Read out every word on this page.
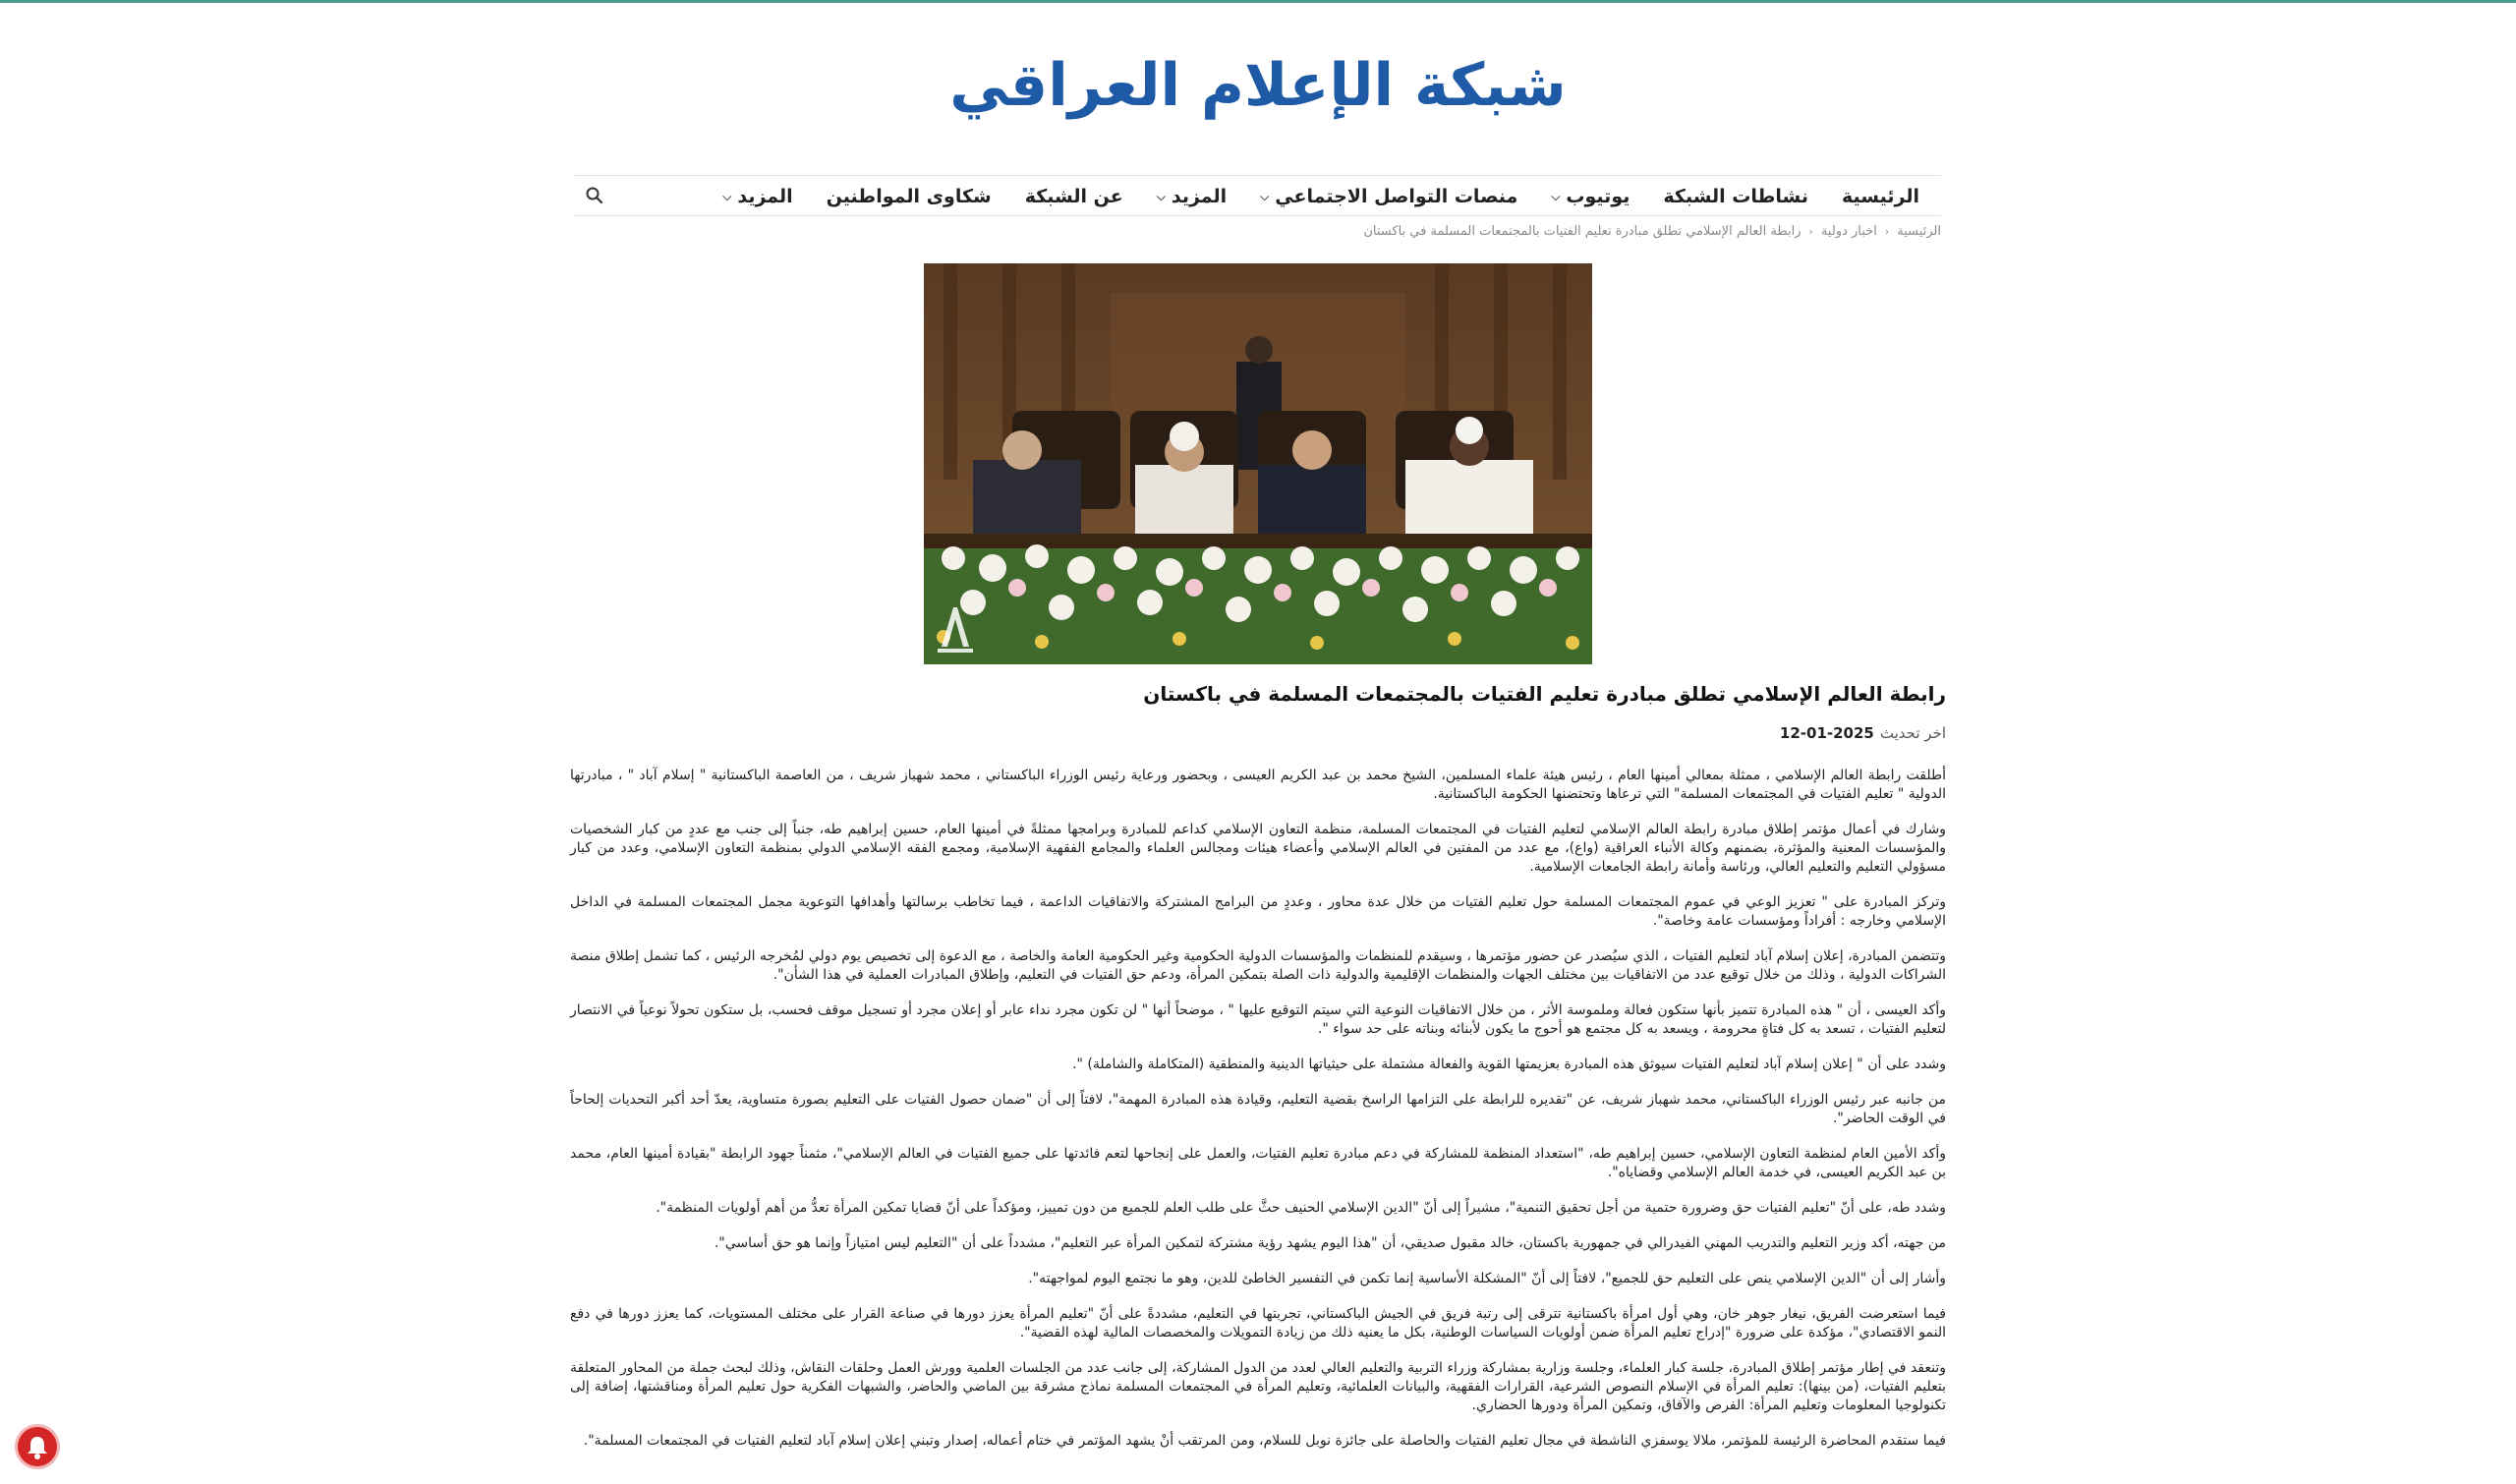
شبكة الإعلام العراقي
الرئيسية
نشاطات الشبكة
يوتيوب
⌵
منصات التواصل الاجتماعي
⌵
المزيد
⌵
عن الشبكة
شكاوى المواطنين
المزيد
⌵
الرئيسية
‹
اخبار دولية
‹
رابطة العالم الإسلامي تطلق مبادرة تعليم الفتيات بالمجتمعات المسلمة في باكستان
رابطة العالم الإسلامي تطلق مبادرة تعليم الفتيات بالمجتمعات المسلمة في باكستان
اخر تحديث2025-01-12

أطلقت رابطة العالم الإسلامي ، ممثلة بمعالي أمينها العام ، رئيس هيئة علماء المسلمين، الشيخ محمد بن عبد الكريم العيسى ، وبحضور ورعاية رئيس الوزراء الباكستاني ، محمد شهباز شريف ، من العاصمة الباكستانية " إسلام آباد " ، مبادرتها الدولية " تعليم الفتيات في المجتمعات المسلمة" التي ترعاها وتحتضنها الحكومة الباكستانية.

وشارك في أعمال مؤتمر إطلاق مبادرة رابطة العالم الإسلامي لتعليم الفتيات في المجتمعات المسلمة، منظمة التعاون الإسلامي كداعم للمبادرة وبرامجها ممثلةً في أمينها العام، حسين إبراهيم طه، جنباً إلى جنب مع عددٍ من كبار الشخصيات والمؤسسات المعنية والمؤثرة، بضمنهم وكالة الأنباء العراقية (واع)، مع عدد من المفتين في العالم الإسلامي وأعضاء هيئات ومجالس العلماء والمجامع الفقهية الإسلامية، ومجمع الفقه الإسلامي الدولي بمنظمة التعاون الإسلامي، وعدد من كبار مسؤولي التعليم والتعليم العالي، ورئاسة وأمانة رابطة الجامعات الإسلامية.

وتركز المبادرة على " تعزيز الوعي في عموم المجتمعات المسلمة حول تعليم الفتيات من خلال عدة محاور ، وعددٍ من البرامج المشتركة والاتفاقيات الداعمة ، فيما تخاطب برسالتها وأهدافها التوعوية مجمل المجتمعات المسلمة في الداخل الإسلامي وخارجه : أفراداً ومؤسسات عامة وخاصة".

وتتضمن المبادرة، إعلان إسلام آباد لتعليم الفتيات ، الذي سيُصدر عن حضور مؤتمرها ، وسيقدم للمنظمات والمؤسسات الدولية الحكومية وغير الحكومية العامة والخاصة ، مع الدعوة إلى تخصيص يوم دولي لمُخرجه الرئيس ، كما تشمل إطلاق منصة الشراكات الدولية ، وذلك من خلال توقيع عدد من الاتفاقيات بين مختلف الجهات والمنظمات الإقليمية والدولية ذات الصلة بتمكين المرأة، ودعم حق الفتيات في التعليم، وإطلاق المبادرات العملية في هذا الشأن".

وأكد العيسى ، أن " هذه المبادرة تتميز بأنها ستكون فعالة وملموسة الأثر ، من خلال الاتفاقيات النوعية التي سيتم التوقيع عليها " ، موضحاً أنها " لن تكون مجرد نداء عابر أو إعلان مجرد أو تسجيل موقف فحسب، بل ستكون تحولاً نوعياً في الانتصار لتعليم الفتيات ، تسعد به كل فتاةٍ محرومة ، ويسعد به كل مجتمع هو أحوج ما يكون لأبنائه وبناته على حد سواء ".

وشدد على أن " إعلان إسلام آباد لتعليم الفتيات سيوثق هذه المبادرة بعزيمتها القوية والفعالة مشتملة على حيثياتها الدينية والمنطقية (المتكاملة والشاملة) ".

من جانبه عبر رئيس الوزراء الباكستاني، محمد شهباز شريف، عن "تقديره للرابطة على التزامها الراسخ بقضية التعليم، وقيادة هذه المبادرة المهمة"، لافتاً إلى أن "ضمان حصول الفتيات على التعليم بصورة متساوية، يعدّ أحد أكبر التحديات إلحاحاً في الوقت الحاضر".

وأكد الأمين العام لمنظمة التعاون الإسلامي، حسين إبراهيم طه، "استعداد المنظمة للمشاركة في دعم مبادرة تعليم الفتيات، والعمل على إنجاحها لتعم فائدتها على جميع الفتيات في العالم الإسلامي"، مثمناً جهود الرابطة "بقيادة أمينها العام، محمد بن عبد الكريم العيسى، في خدمة العالم الإسلامي وقضاياه".

وشدد طه، على أنّ "تعليم الفتيات حق وضرورة حتمية من أجل تحقيق التنمية"، مشيراً إلى أنّ "الدين الإسلامي الحنيف حثَّ على طلب العلم للجميع من دون تمييز، ومؤكداً على أنّ قضايا تمكين المرأة تعدُّ من أهم أولويات المنظمة".

من جهته، أكد وزير التعليم والتدريب المهني الفيدرالي في جمهورية باكستان، خالد مقبول صديقي، أن "هذا اليوم يشهد رؤية مشتركة لتمكين المرأة عبر التعليم"، مشدداً على أن "التعليم ليس امتيازاً وإنما هو حق أساسي".

وأشار إلى أن "الدين الإسلامي ينص على التعليم حق للجميع"، لافتاً إلى أنّ "المشكلة الأساسية إنما تكمن في التفسير الخاطئ للدين، وهو ما نجتمع اليوم لمواجهته".

فيما استعرضت الفريق، نيغار جوهر خان، وهي أول امرأة باكستانية تترقى إلى رتبة فريق في الجيش الباكستاني، تجربتها في التعليم، مشددةً على أنّ "تعليم المرأة يعزز دورها في صناعة القرار على مختلف المستويات، كما يعزز دورها في دفع النمو الاقتصادي"، مؤكدة على ضرورة "إدراج تعليم المرأة ضمن أولويات السياسات الوطنية، بكل ما يعنيه ذلك من زيادة التمويلات والمخصصات المالية لهذه القضية".

وتنعقد في إطار مؤتمر إطلاق المبادرة، جلسة كبار العلماء، وجلسة وزارية بمشاركة وزراء التربية والتعليم العالي لعدد من الدول المشاركة، إلى جانب عدد من الجلسات العلمية وورش العمل وحلقات النقاش، وذلك لبحث جملة من المحاور المتعلقة بتعليم الفتيات، (من بينها): تعليم المرأة في الإسلام النصوص الشرعية، القرارات الفقهية، والبيانات العلمائية، وتعليم المرأة في المجتمعات المسلمة نماذج مشرقة بين الماضي والحاضر، والشبهات الفكرية حول تعليم المرأة ومناقشتها، إضافة إلى تكنولوجيا المعلومات وتعليم المرأة: الفرص والآفاق، وتمكين المرأة ودورها الحضاري.

فيما ستقدم المحاضرة الرئيسة للمؤتمر، ملالا يوسفزي الناشطة في مجال تعليم الفتيات والحاصلة على جائزة نوبل للسلام، ومن المرتقب أنْ يشهد المؤتمر في ختام أعماله، إصدار وتبني إعلان إسلام آباد لتعليم الفتيات في المجتمعات المسلمة".
